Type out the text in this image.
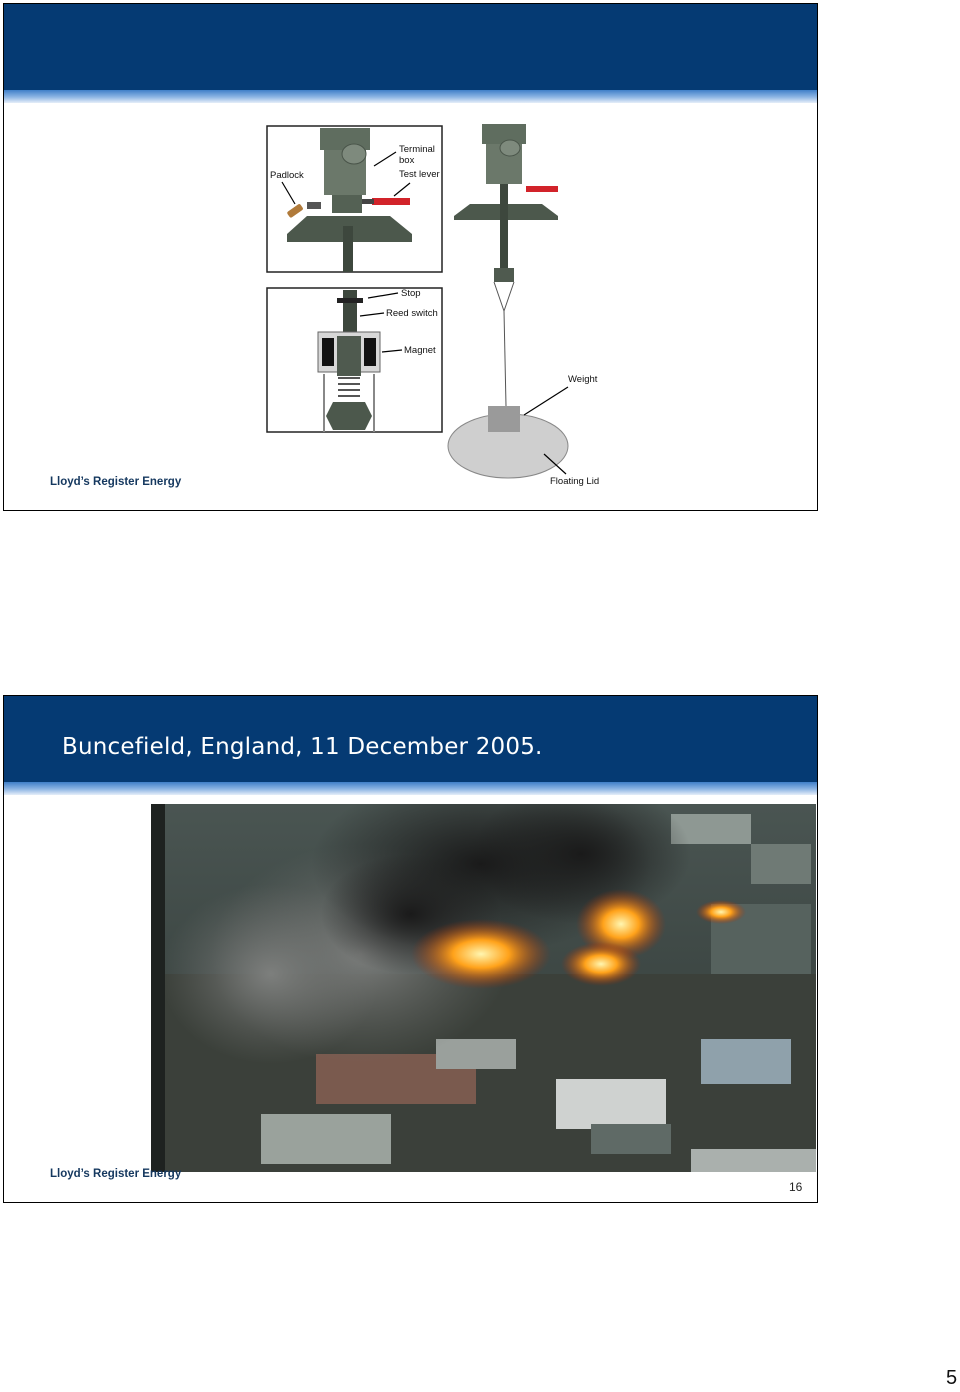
Terminal
box
Padlock	Test lever
Stop
Reed switch
Magnet
Weight
Floating Lid
Lloyd’s Register Energy
Buncefield, England, 11 December 2005.
Lloyd’s Register Energy
16
5
